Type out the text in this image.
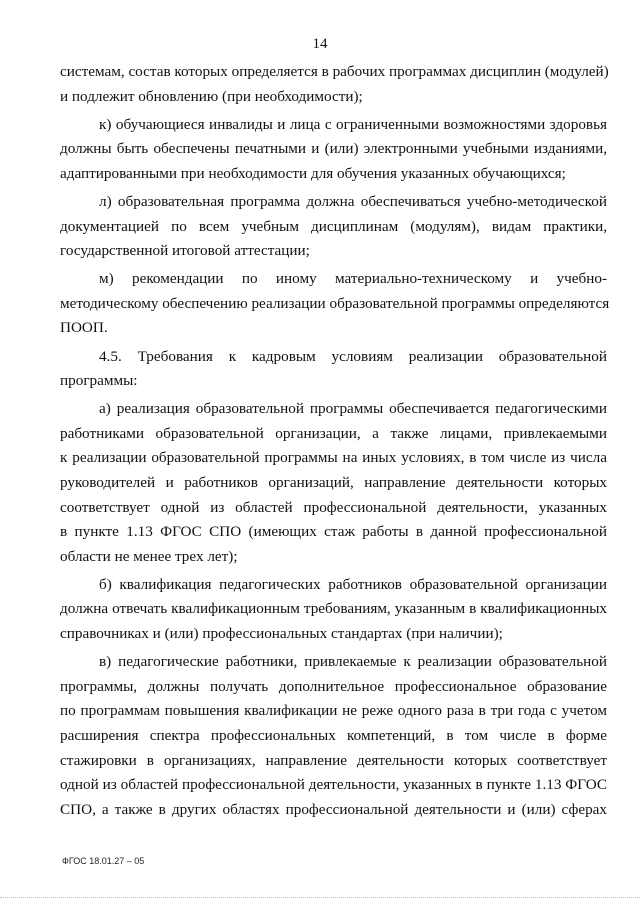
14
системам, состав которых определяется в рабочих программах дисциплин (модулей)
и подлежит обновлению (при необходимости);
к) обучающиеся инвалиды и лица с ограниченными возможностями здоровья
должны быть обеспечены печатными и (или) электронными учебными изданиями,
адаптированными при необходимости для обучения указанных обучающихся;
л) образовательная программа должна обеспечиваться учебно-методической
документацией по всем учебным дисциплинам (модулям), видам практики,
государственной итоговой аттестации;
м) рекомендации по иному материально-техническому и учебно-
методическому обеспечению реализации образовательной программы определяются
ПООП.
4.5. Требования к кадровым условиям реализации образовательной
программы:
а) реализация образовательной программы обеспечивается педагогическими
работниками образовательной организации, а также лицами, привлекаемыми
к реализации образовательной программы на иных условиях, в том числе из числа
руководителей и работников организаций, направление деятельности которых
соответствует одной из областей профессиональной деятельности, указанных
в пункте 1.13 ФГОС СПО (имеющих стаж работы в данной профессиональной
области не менее трех лет);
б) квалификация педагогических работников образовательной организации
должна отвечать квалификационным требованиям, указанным в квалификационных
справочниках и (или) профессиональных стандартах (при наличии);
в) педагогические работники, привлекаемые к реализации образовательной
программы, должны получать дополнительное профессиональное образование
по программам повышения квалификации не реже одного раза в три года с учетом
расширения спектра профессиональных компетенций, в том числе в форме
стажировки в организациях, направление деятельности которых соответствует
одной из областей профессиональной деятельности, указанных в пункте 1.13 ФГОС
СПО, а также в других областях профессиональной деятельности и (или) сферах
ФГОС 18.01.27 – 05
